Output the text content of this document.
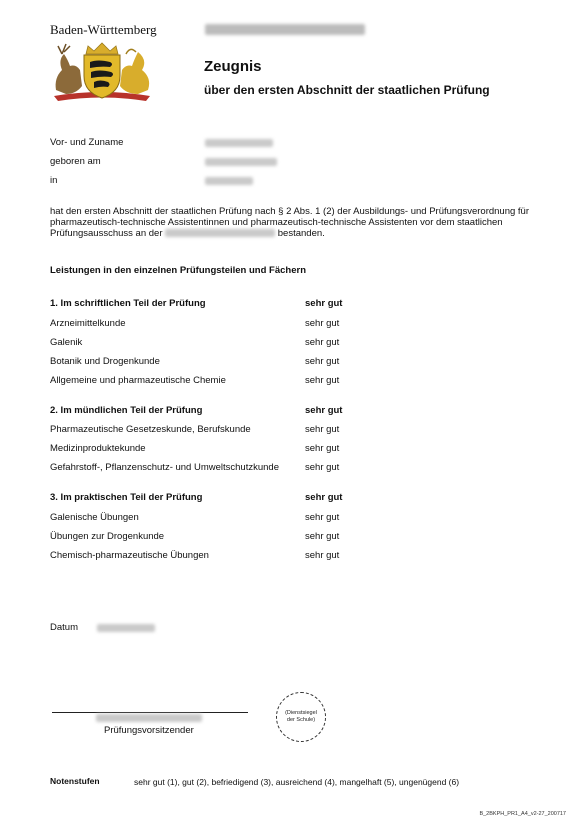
Baden-Württemberg
Zeugnis
über den ersten Abschnitt der staatlichen Prüfung
Vor- und Zuname
geboren am
in
hat den ersten Abschnitt der staatlichen Prüfung nach § 2 Abs. 1 (2) der Ausbildungs- und Prüfungsverordnung für pharmazeutisch-technische Assistentinnen und pharmazeutisch-technische Assistenten vor dem staatlichen Prüfungsausschuss an der	bestanden.
Leistungen in den einzelnen Prüfungsteilen und Fächern
1. Im schriftlichen Teil der Prüfung	sehr gut
Arzneimittelkunde	sehr gut
Galenik	sehr gut
Botanik und Drogenkunde	sehr gut
Allgemeine und pharmazeutische Chemie	sehr gut
2. Im mündlichen Teil der Prüfung	sehr gut
Pharmazeutische Gesetzeskunde, Berufskunde	sehr gut
Medizinproduktekunde	sehr gut
Gefahrstoff-, Pflanzenschutz- und Umweltschutzkunde	sehr gut
3. Im praktischen Teil der Prüfung	sehr gut
Galenische Übungen	sehr gut
Übungen zur Drogenkunde	sehr gut
Chemisch-pharmazeutische Übungen	sehr gut
Datum
Prüfungsvorsitzender
(Dienstsiegel
der Schule)
Notenstufen	sehr gut (1), gut (2), befriedigend (3), ausreichend (4), mangelhaft (5), ungenügend (6)
B_2BKPH_PR1_A4_v2-27_200717
